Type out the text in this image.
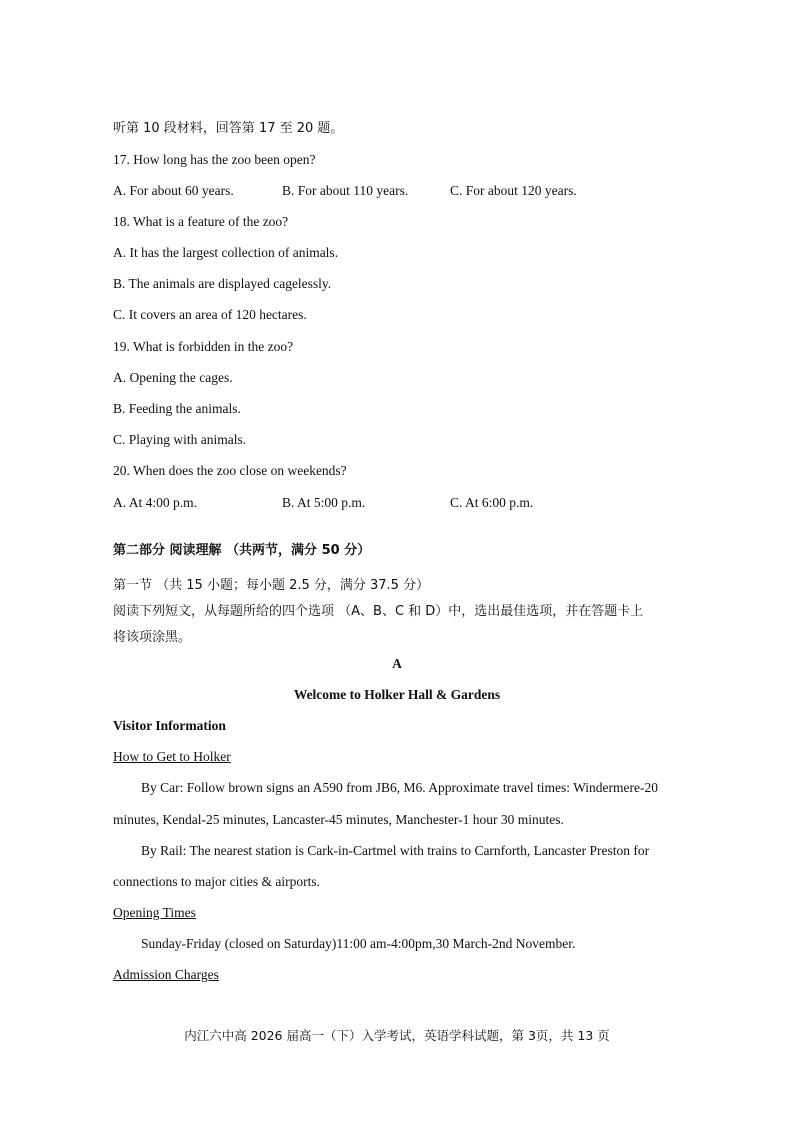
听第 10 段材料，回答第 17 至 20 题。
17. How long has the zoo been open?
A. For about 60 years.	B. For about 110 years.	C. For about 120 years.
18. What is a feature of the zoo?
A. It has the largest collection of animals.
B. The animals are displayed cagelessly.
C. It covers an area of 120 hectares.
19. What is forbidden in the zoo?
A. Opening the cages.
B. Feeding the animals.
C. Playing with animals.
20. When does the zoo close on weekends?
A. At 4:00 p.m.	B. At 5:00 p.m.	C. At 6:00 p.m.
第二部分 阅读理解 （共两节，满分 50 分）
第一节 （共 15 小题；每小题 2.5 分，满分 37.5 分）
阅读下列短文，从每题所给的四个选项 （A、B、C 和 D）中，选出最佳选项，并在答题卡上
将该项涂黑。
A
Welcome to Holker Hall & Gardens
Visitor Information
How to Get to Holker
By Car: Follow brown signs an A590 from JB6, M6. Approximate travel times: Windermere-20
minutes, Kendal-25 minutes, Lancaster-45 minutes, Manchester-1 hour 30 minutes.
By Rail: The nearest station is Cark-in-Cartmel with trains to Carnforth, Lancaster Preston for
connections to major cities & airports.
Opening Times
Sunday-Friday (closed on Saturday)11:00 am-4:00pm,30 March-2nd November.
Admission Charges
内江六中高 2026 届高一（下）入学考试，英语学科试题，第 3页，共 13 页
